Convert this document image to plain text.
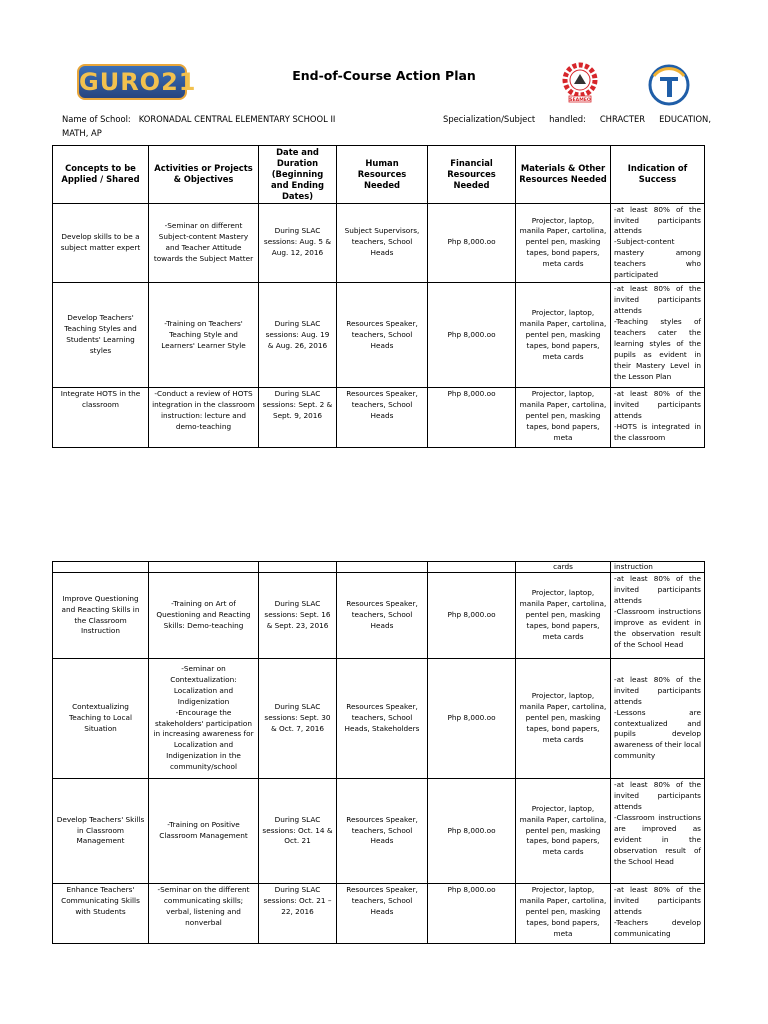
GURO21	End-of-Course Action Plan
SEAMEO
Name of School: KORONADAL CENTRAL ELEMENTARY SCHOOL II	Specialization/Subject handled: CHRACTER EDUCATION,
MATH, AP
Concepts to be Applied / Shared	Activities or Projects & Objectives	Date and Duration (Beginning and Ending Dates)	Human Resources Needed	Financial Resources Needed	Materials & Other Resources Needed	Indication of Success
Develop skills to be a subject matter expert	-Seminar on different Subject-content Mastery and Teacher Attitude towards the Subject Matter	During SLAC sessions: Aug. 5 & Aug. 12, 2016	Subject Supervisors, teachers, School Heads	Php 8,000.oo	Projector, laptop, manila Paper, cartolina, pentel pen, masking tapes, bond papers, meta cards	-at least 80% of the invited participants attends
-Subject-content mastery among teachers who participated
Develop Teachers' Teaching Styles and Students' Learning styles	-Training on Teachers' Teaching Style and Learners' Learner Style	During SLAC sessions: Aug. 19 & Aug. 26, 2016	Resources Speaker, teachers, School Heads	Php 8,000.oo	Projector, laptop, manila Paper, cartolina, pentel pen, masking tapes, bond papers, meta cards	-at least 80% of the invited participants attends
-Teaching styles of teachers cater the learning styles of the pupils as evident in their Mastery Level in the Lesson Plan
Integrate HOTS in the classroom	-Conduct a review of HOTS integration in the classroom instruction: lecture and demo-teaching	During SLAC sessions: Sept. 2 & Sept. 9, 2016	Resources Speaker, teachers, School Heads	Php 8,000.oo	Projector, laptop, manila Paper, cartolina, pentel pen, masking tapes, bond papers, meta	-at least 80% of the invited participants attends
-HOTS is integrated in the classroom
					cards	instruction
Improve Questioning and Reacting Skills in the Classroom Instruction	-Training on Art of Questioning and Reacting Skills: Demo-teaching	During SLAC sessions: Sept. 16 & Sept. 23, 2016	Resources Speaker, teachers, School Heads	Php 8,000.oo	Projector, laptop, manila Paper, cartolina, pentel pen, masking tapes, bond papers, meta cards	-at least 80% of the invited participants attends
-Classroom instructions improve as evident in the observation result of the School Head
Contextualizing Teaching to Local Situation	-Seminar on Contextualization: Localization and Indigenization
-Encourage the stakeholders' participation in increasing awareness for Localization and Indigenization in the community/school	During SLAC sessions: Sept. 30 & Oct. 7, 2016	Resources Speaker, teachers, School Heads, Stakeholders	Php 8,000.oo	Projector, laptop, manila Paper, cartolina, pentel pen, masking tapes, bond papers, meta cards	-at least 80% of the invited participants attends
-Lessons are contextualized and pupils develop awareness of their local community
Develop Teachers' Skills in Classroom Management	-Training on Positive Classroom Management	During SLAC sessions: Oct. 14 & Oct. 21	Resources Speaker, teachers, School Heads	Php 8,000.oo	Projector, laptop, manila Paper, cartolina, pentel pen, masking tapes, bond papers, meta cards	-at least 80% of the invited participants attends
-Classroom instructions are improved as evident in the observation result of the School Head
Enhance Teachers' Communicating Skills with Students	-Seminar on the different communicating skills; verbal, listening and nonverbal	During SLAC sessions: Oct. 21 – 22, 2016	Resources Speaker, teachers, School Heads	Php 8,000.oo	Projector, laptop, manila Paper, cartolina, pentel pen, masking tapes, bond papers, meta	-at least 80% of the invited participants attends
-Teachers develop communicating
